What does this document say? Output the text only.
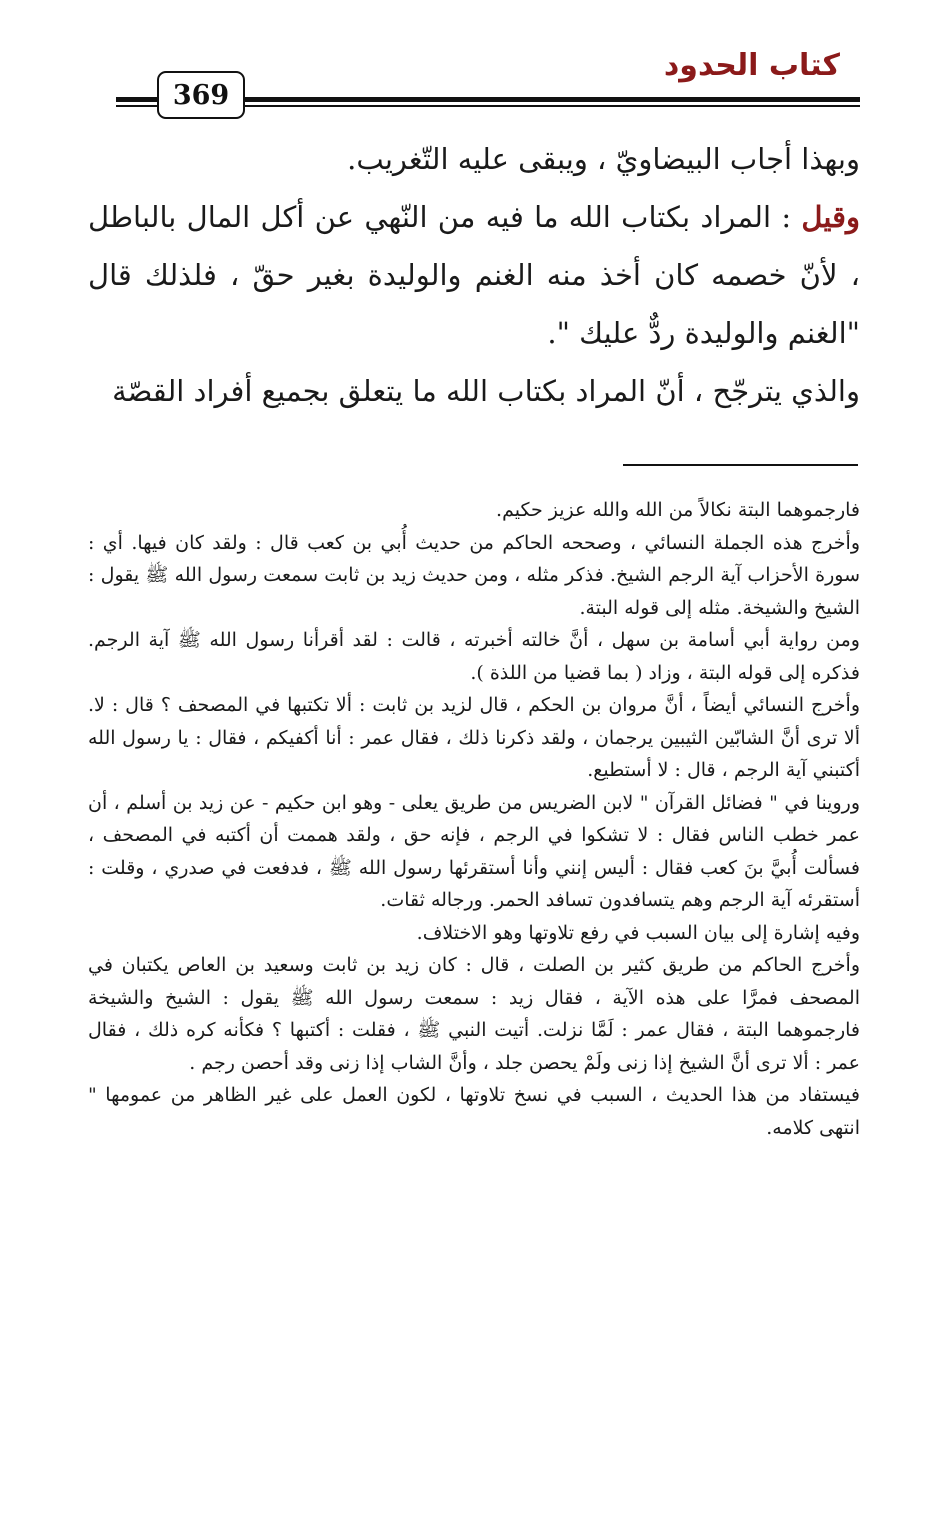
كتاب الحدود
369

وبهذا أجاب البيضاويّ ، ويبقى عليه التّغريب.

وقيل : المراد بكتاب الله ما فيه من النّهي عن أكل المال بالباطل ، لأنّ خصمه كان أخذ منه الغنم والوليدة بغير حقّ ، فلذلك قال "الغنم والوليدة ردٌّ عليك ".

والذي يترجّح ، أنّ المراد بكتاب الله ما يتعلق بجميع أفراد القصّة

فارجموهما البتة نكالاً من الله والله عزيز حكيم.

وأخرج هذه الجملة النسائي ، وصححه الحاكم من حديث أُبي بن كعب قال : ولقد كان فيها. أي : سورة الأحزاب آية الرجم الشيخ. فذكر مثله ، ومن حديث زيد بن ثابت سمعت رسول الله ﷺ يقول : الشيخ والشيخة. مثله إلى قوله البتة.

ومن رواية أبي أسامة بن سهل ، أنَّ خالته أخبرته ، قالت : لقد أقرأنا رسول الله ﷺ آية الرجم. فذكره إلى قوله البتة ، وزاد ( بما قضيا من اللذة ).

وأخرج النسائي أيضاً ، أنَّ مروان بن الحكم ، قال لزيد بن ثابت : ألا تكتبها في المصحف ؟ قال : لا. ألا ترى أنَّ الشابّين الثيبين يرجمان ، ولقد ذكرنا ذلك ، فقال عمر : أنا أكفيكم ، فقال : يا رسول الله أكتبني آية الرجم ، قال : لا أستطيع.

وروينا في " فضائل القرآن " لابن الضريس من طريق يعلى - وهو ابن حكيم - عن زيد بن أسلم ، أن عمر خطب الناس فقال : لا تشكوا في الرجم ، فإنه حق ، ولقد هممت أن أكتبه في المصحف ، فسألت أُبيَّ بنَ كعب فقال : أليس إنني وأنا أستقرئها رسول الله ﷺ ، فدفعت في صدري ، وقلت : أستقرئه آية الرجم وهم يتسافدون تسافد الحمر. ورجاله ثقات.

وفيه إشارة إلى بيان السبب في رفع تلاوتها وهو الاختلاف.

وأخرج الحاكم من طريق كثير بن الصلت ، قال : كان زيد بن ثابت وسعيد بن العاص يكتبان في المصحف فمرَّا على هذه الآية ، فقال زيد : سمعت رسول الله ﷺ يقول : الشيخ والشيخة فارجموهما البتة ، فقال عمر : لَمَّا نزلت. أتيت النبي ﷺ ، فقلت : أكتبها ؟ فكأنه كره ذلك ، فقال عمر : ألا ترى أنَّ الشيخ إذا زنى ولَمْ يحصن جلد ، وأنَّ الشاب إذا زنى وقد أحصن رجم .

فيستفاد من هذا الحديث ، السبب في نسخ تلاوتها ، لكون العمل على غير الظاهر من عمومها " انتهى كلامه.
